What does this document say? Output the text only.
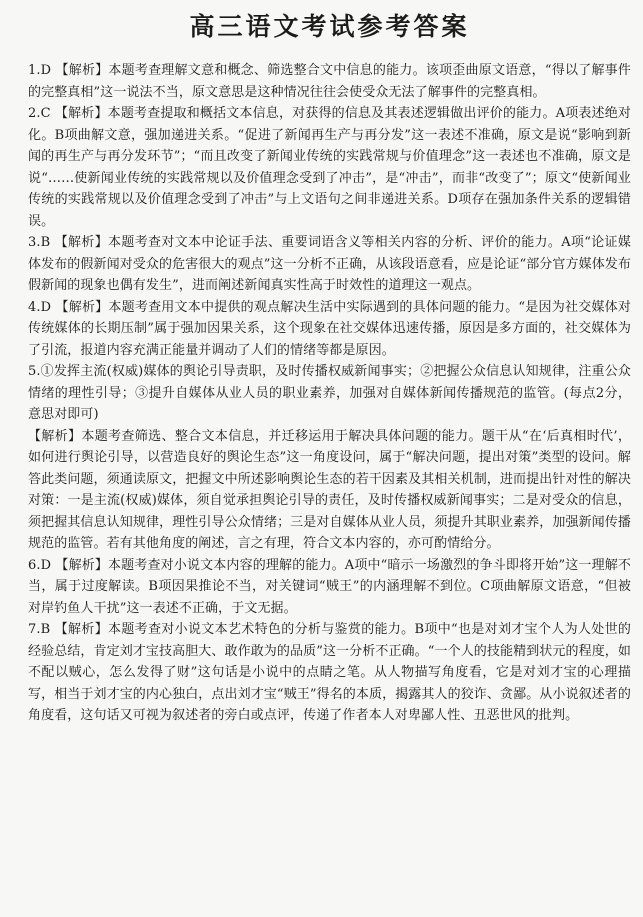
高三语文考试参考答案

1.D 【解析】本题考查理解文意和概念、筛选整合文中信息的能力。该项歪曲原文语意，“得以了解事件的完整真相”这一说法不当，原文意思是这种情况往往会使受众无法了解事件的完整真相。

2.C 【解析】本题考查提取和概括文本信息，对获得的信息及其表述逻辑做出评价的能力。A项表述绝对化。B项曲解文意，强加递进关系。“促进了新闻再生产与再分发”这一表述不准确，原文是说“影响到新闻的再生产与再分发环节”；“而且改变了新闻业传统的实践常规与价值理念”这一表述也不准确，原文是说“……使新闻业传统的实践常规以及价值理念受到了冲击”，是“冲击”，而非“改变了”；原文“使新闻业传统的实践常规以及价值理念受到了冲击”与上文语句之间非递进关系。D项存在强加条件关系的逻辑错误。

3.B 【解析】本题考查对文本中论证手法、重要词语含义等相关内容的分析、评价的能力。A项“论证媒体发布的假新闻对受众的危害很大的观点”这一分析不正确，从该段语意看，应是论证“部分官方媒体发布假新闻的现象也偶有发生”，进而阐述新闻真实性高于时效性的道理这一观点。

4.D 【解析】本题考查用文本中提供的观点解决生活中实际遇到的具体问题的能力。“是因为社交媒体对传统媒体的长期压制”属于强加因果关系，这个现象在社交媒体迅速传播，原因是多方面的，社交媒体为了引流，报道内容充满正能量并调动了人们的情绪等都是原因。

5.①发挥主流(权威)媒体的舆论引导责职，及时传播权威新闻事实；②把握公众信息认知规律，注重公众情绪的理性引导；③提升自媒体从业人员的职业素养，加强对自媒体新闻传播规范的监管。(每点2分，意思对即可)

【解析】本题考查筛选、整合文本信息，并迁移运用于解决具体问题的能力。题干从“在‘后真相时代’，如何进行舆论引导，以营造良好的舆论生态”这一角度设问，属于“解决问题，提出对策”类型的设问。解答此类问题，须通读原文，把握文中所述影响舆论生态的若干因素及其相关机制，进而提出针对性的解决对策：一是主流(权威)媒体，须自觉承担舆论引导的责任，及时传播权威新闻事实；二是对受众的信息，须把握其信息认知规律，理性引导公众情绪；三是对自媒体从业人员，须提升其职业素养，加强新闻传播规范的监管。若有其他角度的阐述，言之有理，符合文本内容的，亦可酌情给分。

6.D 【解析】本题考查对小说文本内容的理解的能力。A项中“暗示一场激烈的争斗即将开始”这一理解不当，属于过度解读。B项因果推论不当，对关键词“贼王”的内涵理解不到位。C项曲解原文语意，“但被对岸钓鱼人干扰”这一表述不正确，于文无据。

7.B 【解析】本题考查对小说文本艺术特色的分析与鉴赏的能力。B项中“也是对刘才宝个人为人处世的经验总结，肯定刘才宝技高胆大、敢作敢为的品质”这一分析不正确。“一个人的技能精到状元的程度，如不配以贼心，怎么发得了财”这句话是小说中的点睛之笔。从人物描写角度看，它是对刘才宝的心理描写，相当于刘才宝的内心独白，点出刘才宝“贼王”得名的本质，揭露其人的狡诈、贪鄙。从小说叙述者的角度看，这句话又可视为叙述者的旁白或点评，传递了作者本人对卑鄙人性、丑恶世风的批判。
